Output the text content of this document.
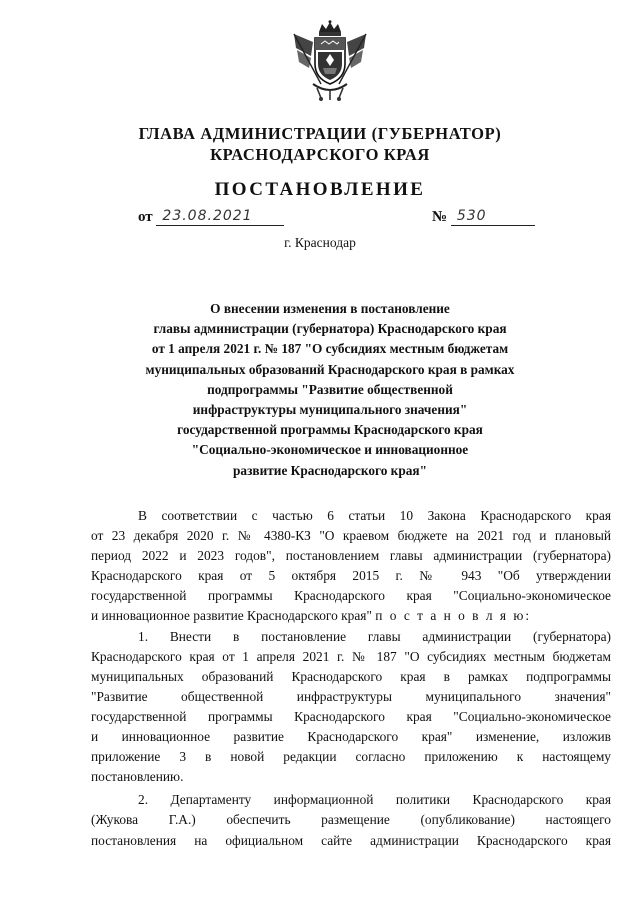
ГЛАВА АДМИНИСТРАЦИИ (ГУБЕРНАТОР)
КРАСНОДАРСКОГО КРАЯ
ПОСТАНОВЛЕНИЕ
от 23.08.2021	№ 530
г. Краснодар
О внесении изменения в постановление
главы администрации (губернатора) Краснодарского края
от 1 апреля 2021 г. № 187 "О субсидиях местным бюджетам
муниципальных образований Краснодарского края в рамках
подпрограммы "Развитие общественной
инфраструктуры муниципального значения"
государственной программы Краснодарского края
"Социально-экономическое и инновационное
развитие Краснодарского края"
В соответствии с частью 6 статьи 10 Закона Краснодарского края
от 23 декабря 2020 г. № 4380-КЗ "О краевом бюджете на 2021 год и плановый
период 2022 и 2023 годов", постановлением главы администрации (губернатора)
Краснодарского края от 5 октября 2015 г. № 943 "Об утверждении
государственной программы Краснодарского края "Социально-экономическое
и инновационное развитие Краснодарского края" п о с т а н о в л я ю:
1. Внести в постановление главы администрации (губернатора)
Краснодарского края от 1 апреля 2021 г. № 187 "О субсидиях местным бюджетам
муниципальных образований Краснодарского края в рамках подпрограммы
"Развитие общественной инфраструктуры муниципального значения"
государственной программы Краснодарского края "Социально-экономическое
и инновационное развитие Краснодарского края" изменение, изложив
приложение 3 в новой редакции согласно приложению к настоящему
постановлению.
2. Департаменту информационной политики Краснодарского края
(Жукова Г.А.) обеспечить размещение (опубликование) настоящего
постановления на официальном сайте администрации Краснодарского края
